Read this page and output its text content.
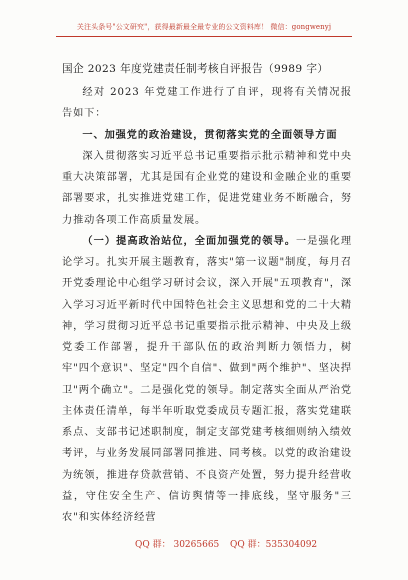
关注头条号"公文研究"，获得最新最全最专业的公文资料库！ 微信：gongwenyj
国企 2023 年度党建责任制考核自评报告（9989 字）

经对 2023 年党建工作进行了自评，现将有关情况报告如下：

一、加强党的政治建设，贯彻落实党的全面领导方面

深入贯彻落实习近平总书记重要指示批示精神和党中央重大决策部署，尤其是国有企业党的建设和金融企业的重要部署要求，扎实推进党建工作，促进党建业务不断融合，努力推动各项工作高质量发展。

（一）提高政治站位，全面加强党的领导。一是强化理论学习。扎实开展主题教育，落实"第一议题"制度，每月召开党委理论中心组学习研讨会议，深入开展"五项教育"，深入学习习近平新时代中国特色社会主义思想和党的二十大精神，学习贯彻习近平总书记重要指示批示精神、中央及上级党委工作部署，提升干部队伍的政治判断力领悟力，树牢"四个意识"、坚定"四个自信"、做到"两个维护"、坚决捍卫"两个确立"。二是强化党的领导。制定落实全面从严治党主体责任清单，每半年听取党委成员专题汇报，落实党建联系点、支部书记述职制度，制定支部党建考核细则纳入绩效考评，与业务发展同部署同推进、同考核。以党的政治建设为统领，推进存贷款营销、不良资产处置，努力提升经营收益，守住安全生产、信访舆情等一排底线，坚守服务"三农"和实体经济经营

QQ 群： 30265665 QQ 群：535304092
